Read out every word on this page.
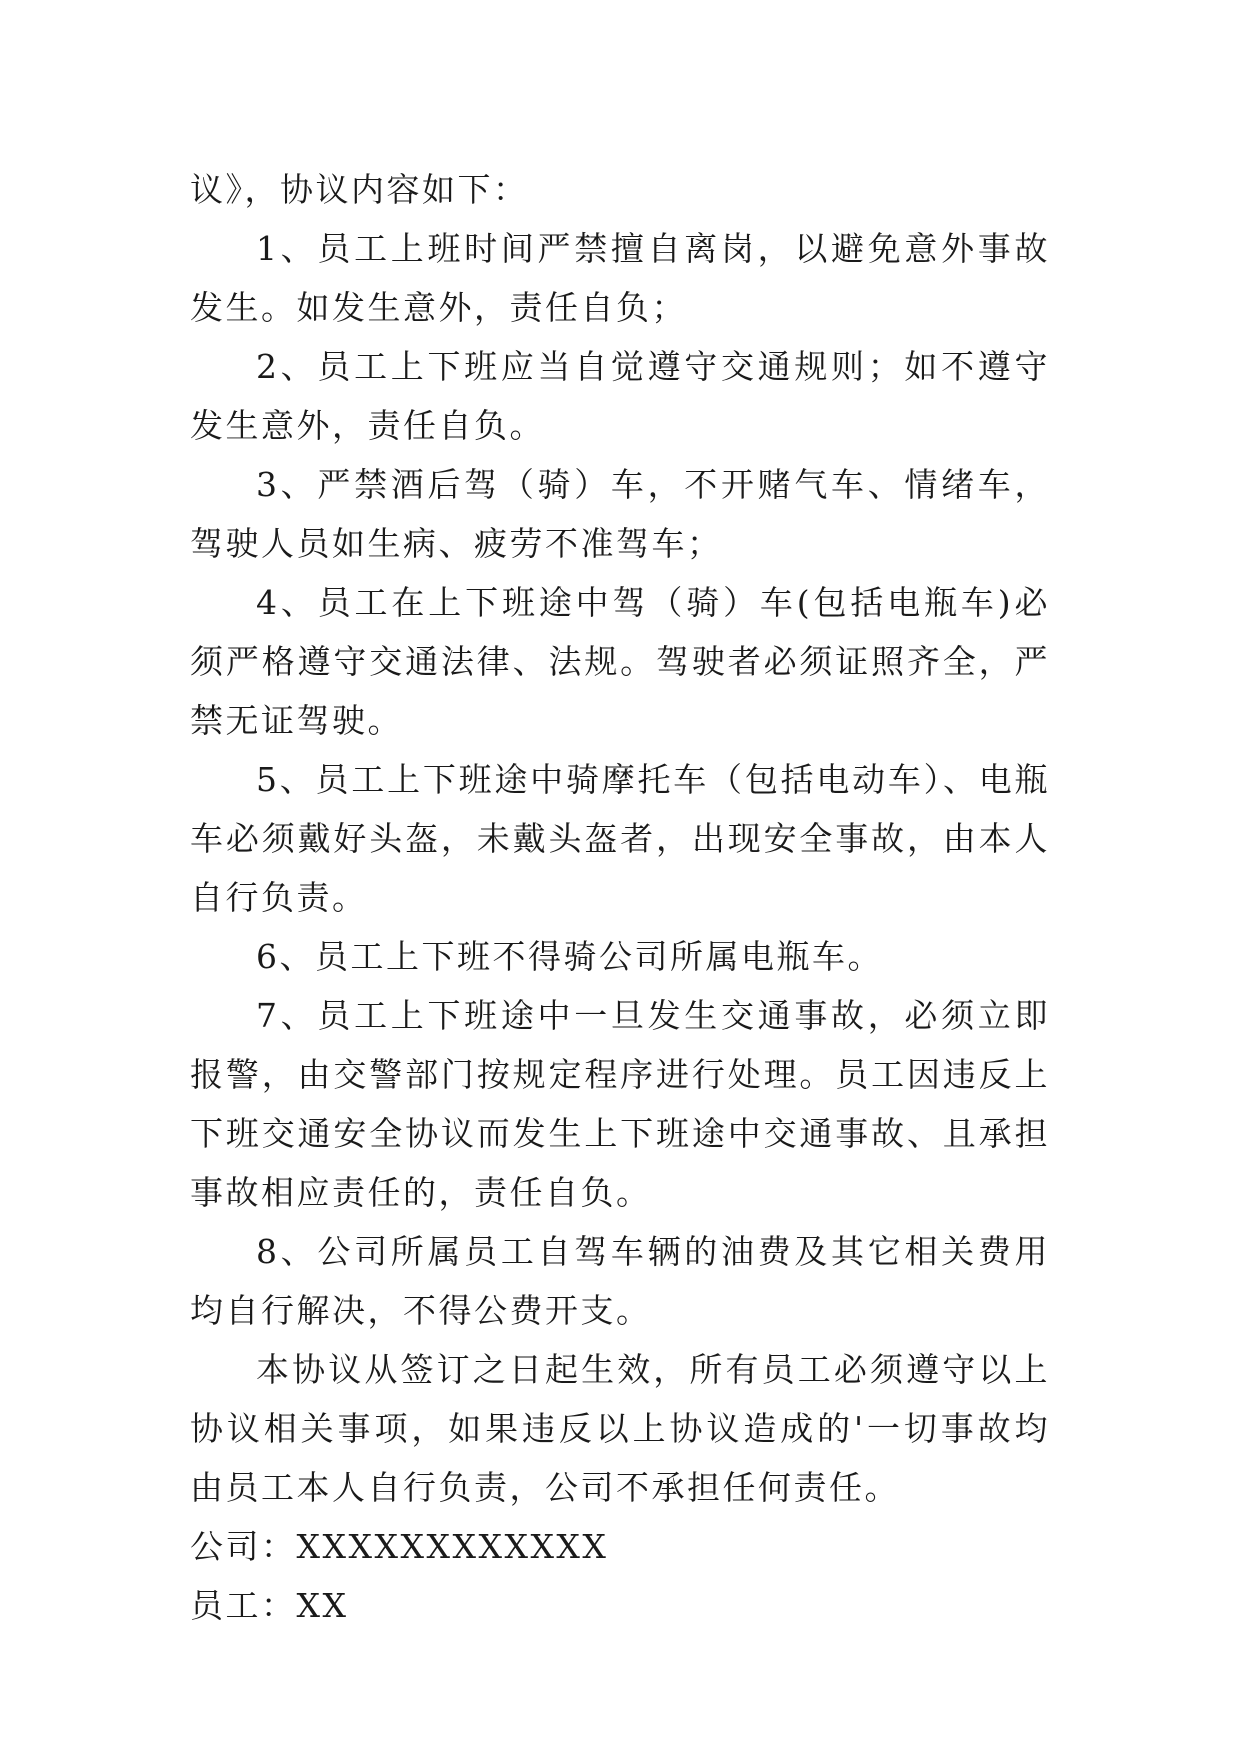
议》，协议内容如下：

1、员工上班时间严禁擅自离岗，以避免意外事故发生。如发生意外，责任自负；

2、员工上下班应当自觉遵守交通规则；如不遵守发生意外，责任自负。

3、严禁酒后驾（骑）车，不开赌气车、情绪车，驾驶人员如生病、疲劳不准驾车；

4、员工在上下班途中驾（骑）车(包括电瓶车)必须严格遵守交通法律、法规。驾驶者必须证照齐全，严禁无证驾驶。

5、员工上下班途中骑摩托车（包括电动车）、电瓶车必须戴好头盔，未戴头盔者，出现安全事故，由本人自行负责。

6、员工上下班不得骑公司所属电瓶车。

7、员工上下班途中一旦发生交通事故，必须立即报警，由交警部门按规定程序进行处理。员工因违反上下班交通安全协议而发生上下班途中交通事故、且承担事故相应责任的，责任自负。

8、公司所属员工自驾车辆的油费及其它相关费用均自行解决，不得公费开支。

本协议从签订之日起生效，所有员工必须遵守以上协议相关事项，如果违反以上协议造成的'一切事故均由员工本人自行负责，公司不承担任何责任。

公司：XXXXXXXXXXXX

员工：XX
